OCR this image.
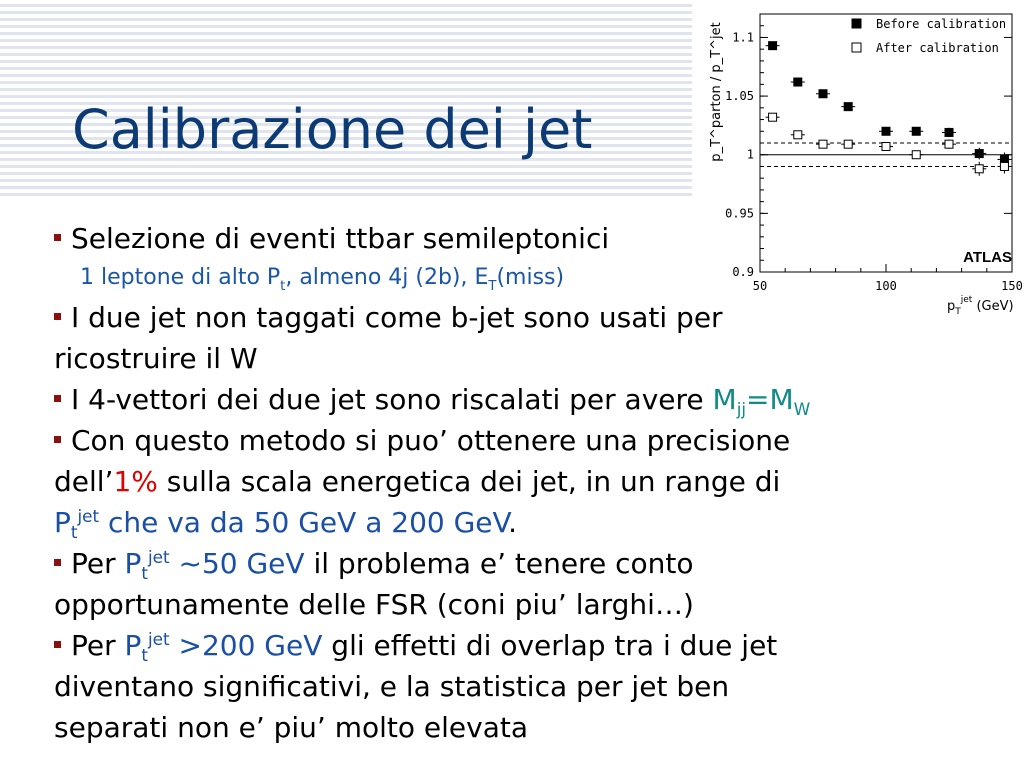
Calibrazione dei jet
0.9
0.95
1
1.05
1.1
50	100	150
p_T^parton / p_T^jet
$p_T^{jet}$ (GeV)
Before calibration
After calibration
ATLAS
Selezione di eventi ttbar semileptonici
1 leptone di alto $P_t$, almeno 4j (2b), $E_T(miss)$
I due jet non taggati come b-jet sono usati per
ricostruire il W
I 4-vettori dei due jet sono riscalati per avere $M_{jj}=M_W$
Con questo metodo si puo’ ottenere una precisione
dell’1% sulla scala energetica dei jet, in un range di
$P_t^{jet}$ che va da 50 GeV a 200 GeV.
Per $P_t^{jet}$ ~50 GeV il problema e’ tenere conto
opportunamente delle FSR (coni piu’ larghi…)
Per $P_t^{jet} >200$ GeV gli effetti di overlap tra i due jet
diventano significativi, e la statistica per jet ben
separati non e’ piu’ molto elevata
